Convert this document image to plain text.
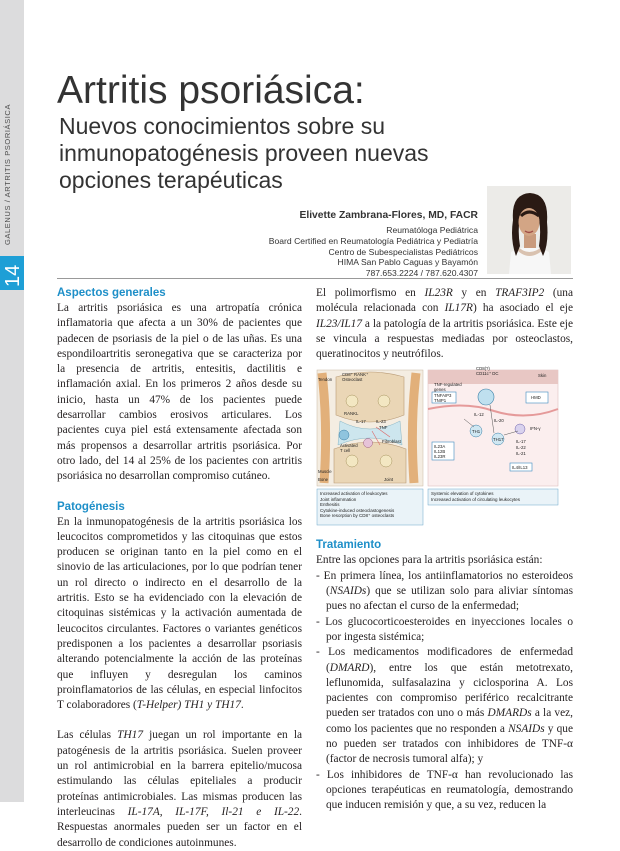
GALENUS / ARTRITIS PSORIÁSICA
14
Artritis psoriásica:
Nuevos conocimientos sobre su inmunopatogénesis proveen nuevas opciones terapéuticas
Elivette Zambrana-Flores, MD, FACR
Reumatóloga Pediátrica
Board Certified en Reumatología Pediátrica y Pediatría
Centro de Subespecialistas Pediátricos
HIMA San Pablo Caguas y Bayamón
787.653.2224 / 787.620.4307
Aspectos generales

La artritis psoriásica es una artropatía crónica inflamatoria que afecta a un 30% de pacientes que padecen de psoriasis de la piel o de las uñas. Es una espondiloartritis seronegativa que se caracteriza por la presencia de artritis, entesitis, dactilitis e inflamación axial. En los primeros 2 años desde su inicio, hasta un 47% de los pacientes puede desarrollar cambios erosivos articulares. Los pacientes cuya piel está extensamente afectada son más propensos a desarrollar artritis psoriásica. Por otro lado, del 14 al 25% de los pacientes con artritis psoriásica no desarrollan compromiso cutáneo.

Patogénesis

En la inmunopatogénesis de la artritis psoriásica los leucocitos comprometidos y las citoquinas que estos producen se originan tanto en la piel como en el sinovio de las articulaciones, por lo que podrían tener un rol directo o indirecto en el desarrollo de la artritis. Esto se ha evidenciado con la elevación de citoquinas sistémicas y la activación aumentada de leucocitos circulantes. Factores o variantes genéticos predisponen a los pacientes a desarrollar psoriasis alterando potencialmente la acción de las proteínas que influyen y desregulan los caminos proinflamatorios de las células, en especial linfocitos T colaboradores (T-Helper) TH1 y TH17.

Las células TH17 juegan un rol importante en la patogénesis de la artritis psoriásica. Suelen proveer un rol antimicrobial en la barrera epitelio/mucosa estimulando las células epiteliales a producir proteínas antimicrobiales. Las mismas producen las interleucinas IL-17A, IL-17F, Il-21 e IL-22. Respuestas anormales pueden ser un factor en el desarrollo de condiciones autoinmunes.

El polimorfismo en IL23R y en TRAF3IP2 (una molécula relacionada con IL17R) ha asociado el eje IL23/IL17 a la patología de la artritis psoriásica. Este eje se vincula a respuestas mediadas por osteoclastos, queratinocitos y neutrófilos.

Tendon
CD8⁺ RANK⁺ Osteoclast
RANKL
IL-17 IL-23
TNF
Activated T cell
Fibroblast
Muscle
Bone	Joint
CD8(?) CD11c⁺ DC	Skin
TNF-regulated genes
TNFAIP3 TNIP1
HMD
IL-12
IL-20
IFN-γ
IL-17
IL-22
IL-21
IL23A IL12B IL23R
IL4/IL13
TH1
TH17
Increased activation of leukocytes
Joint inflammation
Enthesitis
Cytokine-induced osteoclastogenesis
Bone resorption by CD8⁺ osteoclasts
Systemic elevation of cytokines
Increased activation of circulating leukocytes
Tratamiento

Entre las opciones para la artritis psoriásica están:

- En primera línea, los antiinflamatorios no esteroideos (NSAIDs) que se utilizan solo para aliviar síntomas pues no afectan el curso de la enfermedad;

- Los glucocorticoesteroides en inyecciones locales o por ingesta sistémica;

- Los medicamentos modificadores de enfermedad (DMARD), entre los que están metotrexato, leflunomida, sulfasalazina y ciclosporina A. Los pacientes con compromiso periférico recalcitrante pueden ser tratados con uno o más DMARDs a la vez, como los pacientes que no responden a NSAIDs y que no pueden ser tratados con inhibidores de TNF-α (factor de necrosis tumoral alfa); y

- Los inhibidores de TNF-α han revolucionado las opciones terapéuticas en reumatología, demostrando que inducen remisión y que, a su vez, reducen la
